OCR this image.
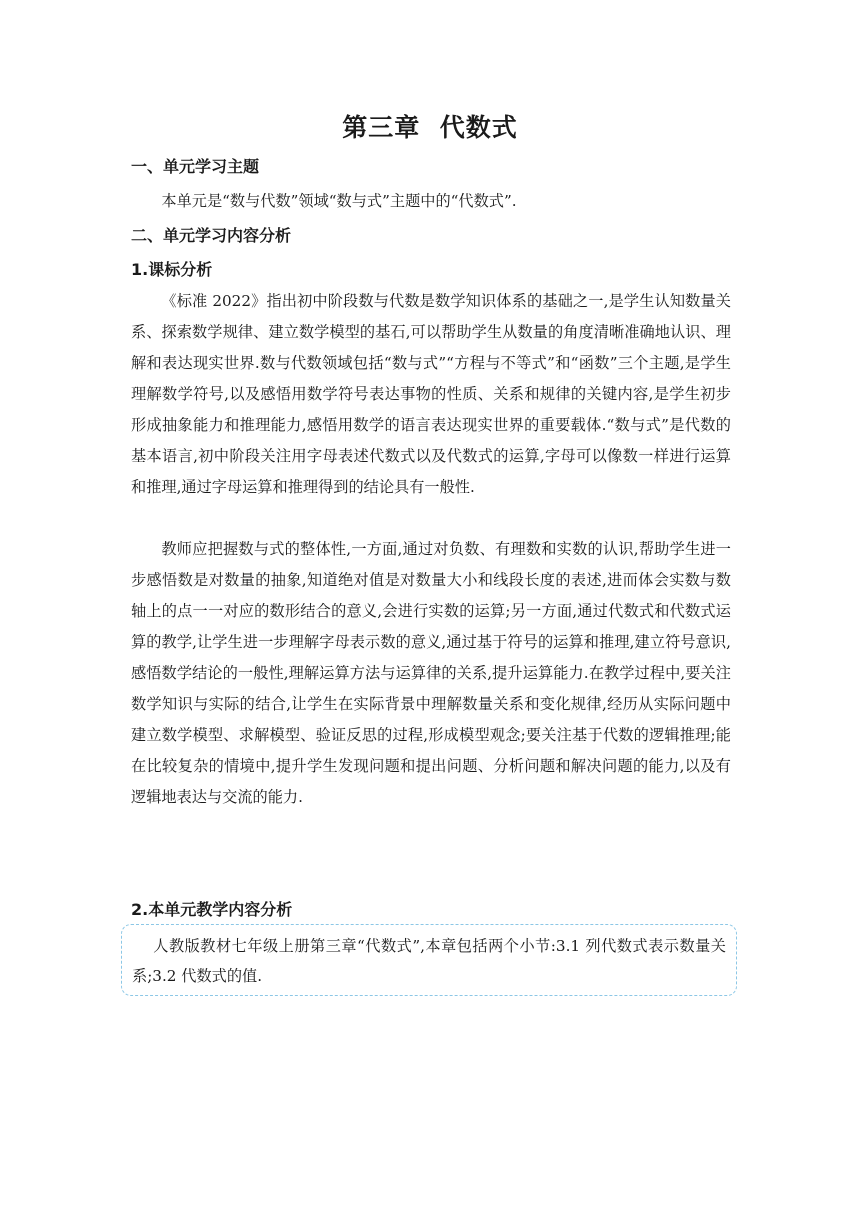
第三章  代数式
一、单元学习主题
本单元是“数与代数”领域“数与式”主题中的“代数式”.
二、单元学习内容分析
1.课标分析

《标准 2022》指出初中阶段数与代数是数学知识体系的基础之一,是学生认知数量关系、探索数学规律、建立数学模型的基石,可以帮助学生从数量的角度清晰准确地认识、理解和表达现实世界.数与代数领域包括“数与式”“方程与不等式”和“函数”三个主题,是学生理解数学符号,以及感悟用数学符号表达事物的性质、关系和规律的关键内容,是学生初步形成抽象能力和推理能力,感悟用数学的语言表达现实世界的重要载体.“数与式”是代数的基本语言,初中阶段关注用字母表述代数式以及代数式的运算,字母可以像数一样进行运算和推理,通过字母运算和推理得到的结论具有一般性.

教师应把握数与式的整体性,一方面,通过对负数、有理数和实数的认识,帮助学生进一步感悟数是对数量的抽象,知道绝对值是对数量大小和线段长度的表述,进而体会实数与数轴上的点一一对应的数形结合的意义,会进行实数的运算;另一方面,通过代数式和代数式运算的教学,让学生进一步理解字母表示数的意义,通过基于符号的运算和推理,建立符号意识,感悟数学结论的一般性,理解运算方法与运算律的关系,提升运算能力.在教学过程中,要关注数学知识与实际的结合,让学生在实际背景中理解数量关系和变化规律,经历从实际问题中建立数学模型、求解模型、验证反思的过程,形成模型观念;要关注基于代数的逻辑推理;能在比较复杂的情境中,提升学生发现问题和提出问题、分析问题和解决问题的能力,以及有逻辑地表达与交流的能力.

2.本单元教学内容分析

人教版教材七年级上册第三章“代数式”,本章包括两个小节:3.1 列代数式表示数量关系;3.2 代数式的值.
